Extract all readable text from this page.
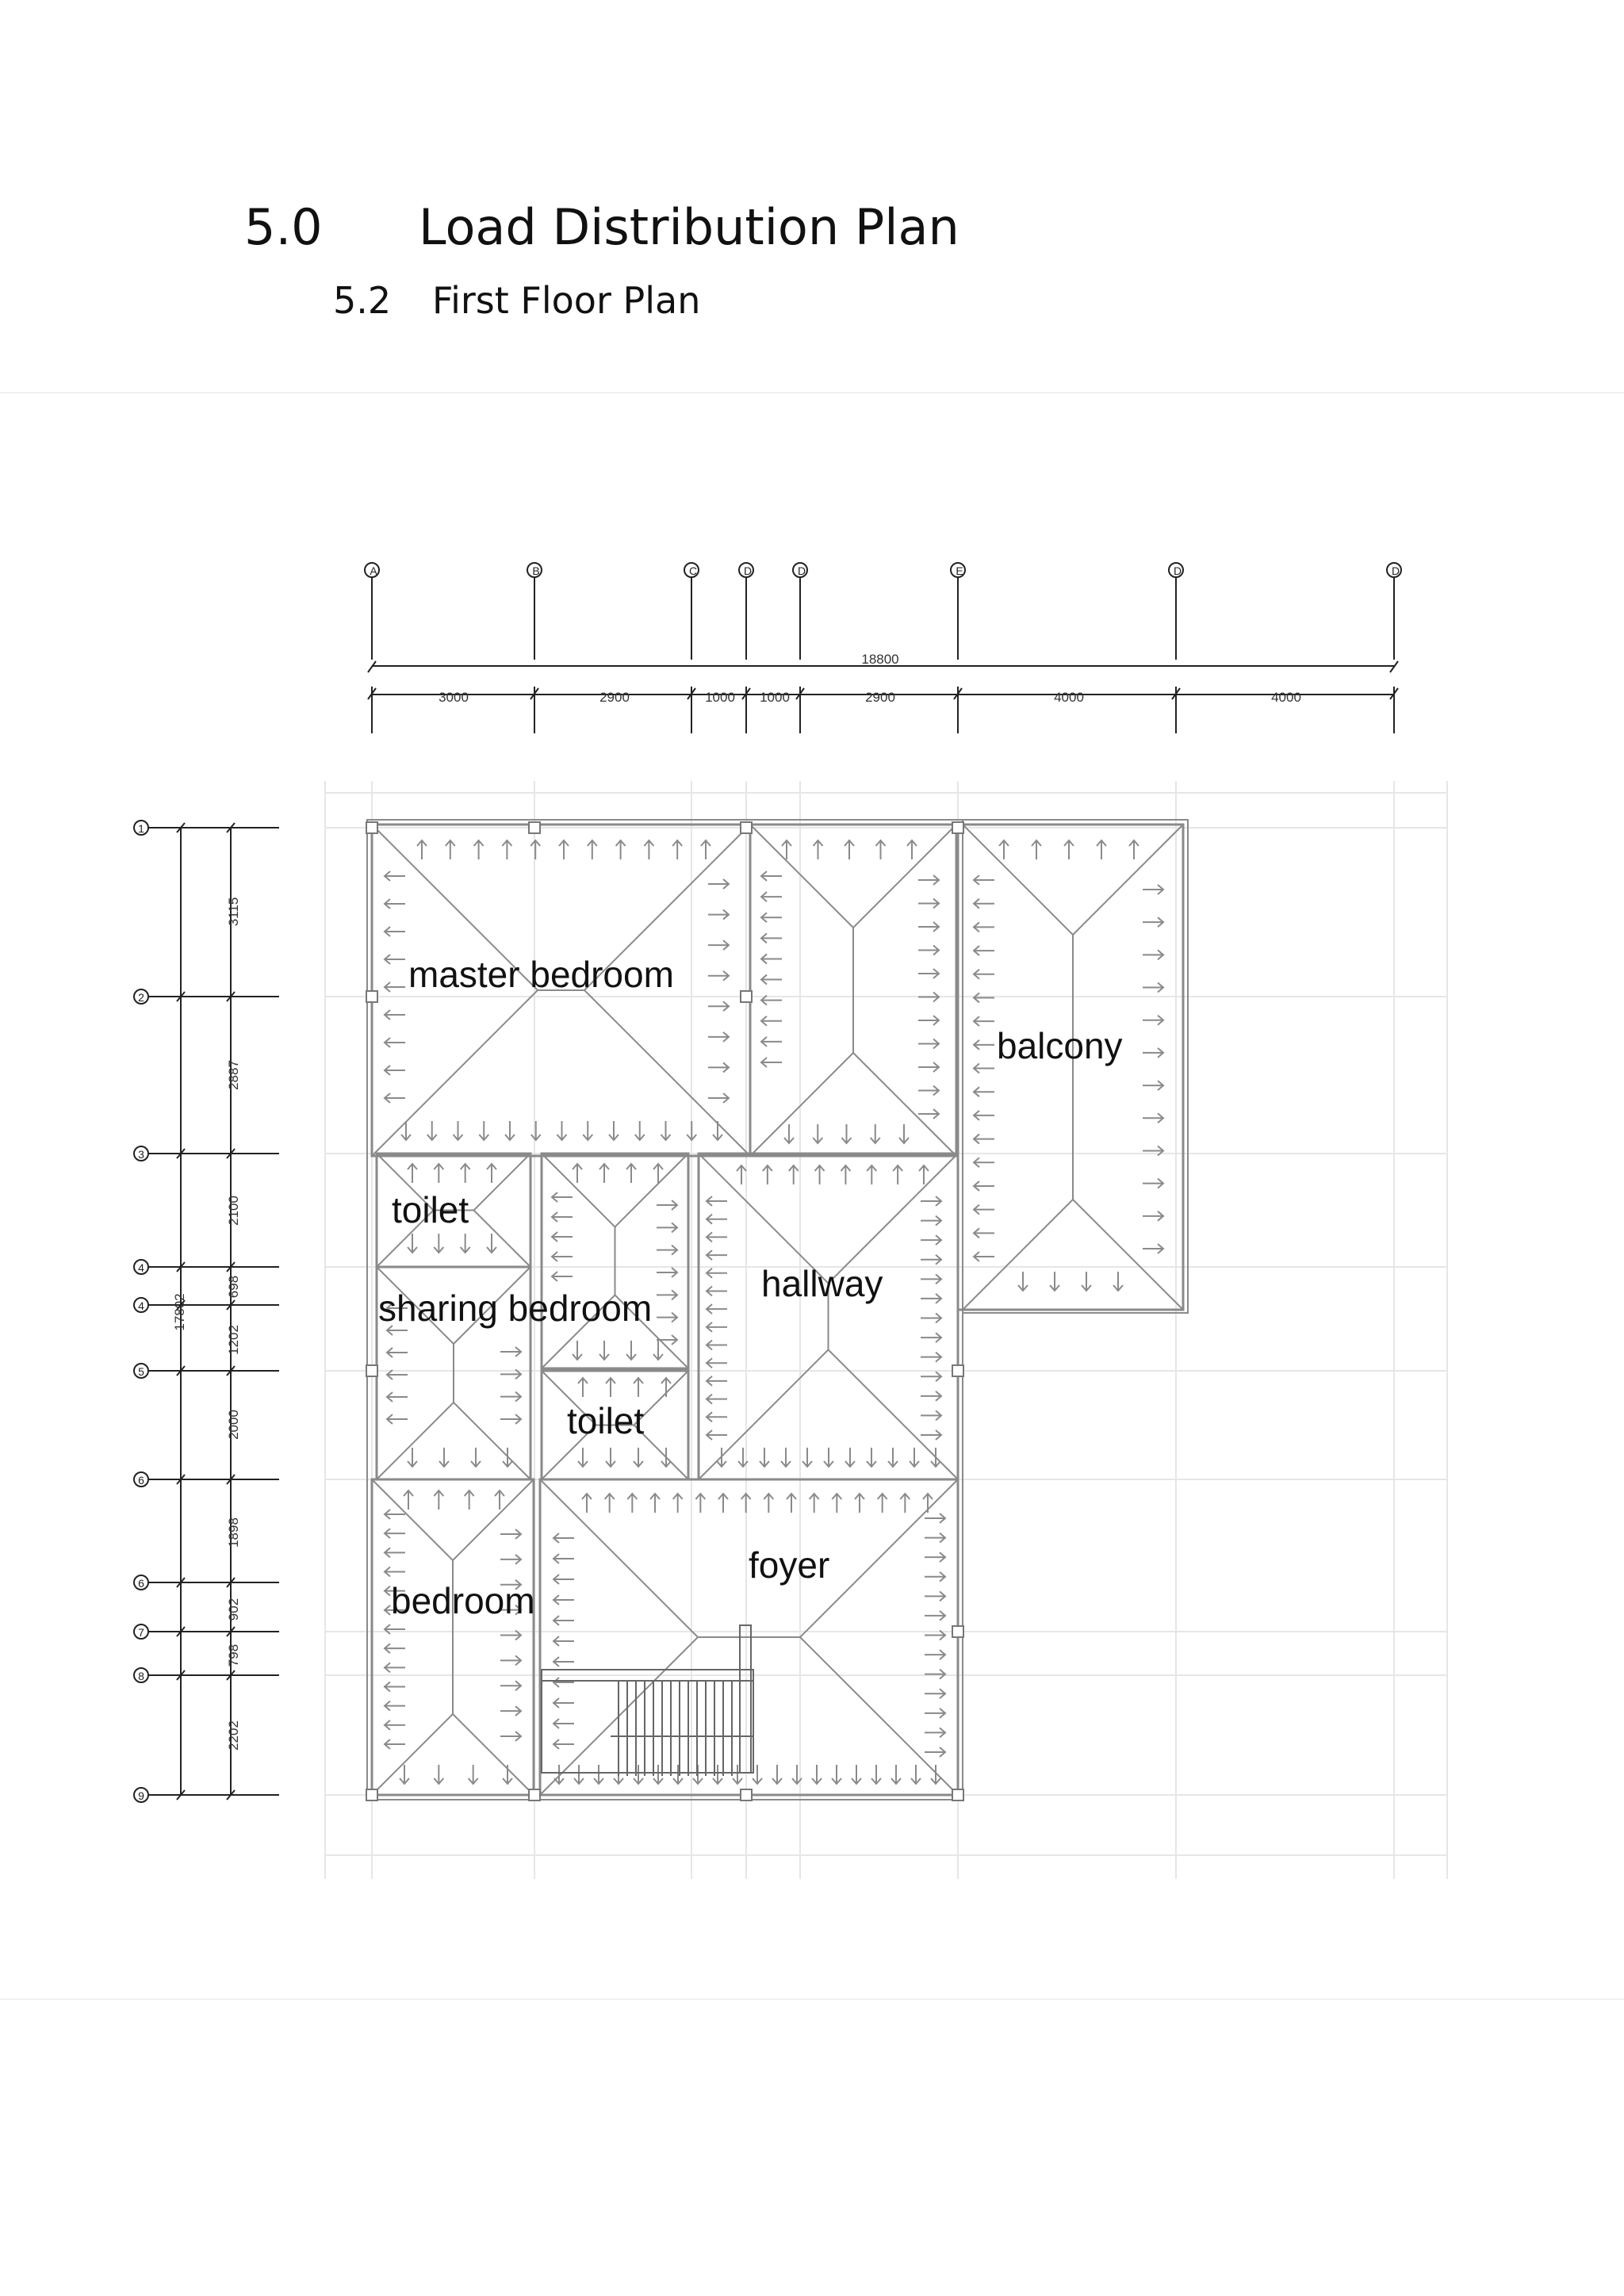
5.0 Load Distribution Plan
5.2 First Floor Plan
18800
3000	2900	1000 1000	2900	4000	4000
A	B	C	D	D	E	D	D
1
2
3
4
4
5
6
6
7
8
9
17802
3115
2887
2100
698
1202
2000
1898
902
798
2202
master bedroom
balcony
toilet
sharing bedroom
hallway
toilet
foyer
bedroom
